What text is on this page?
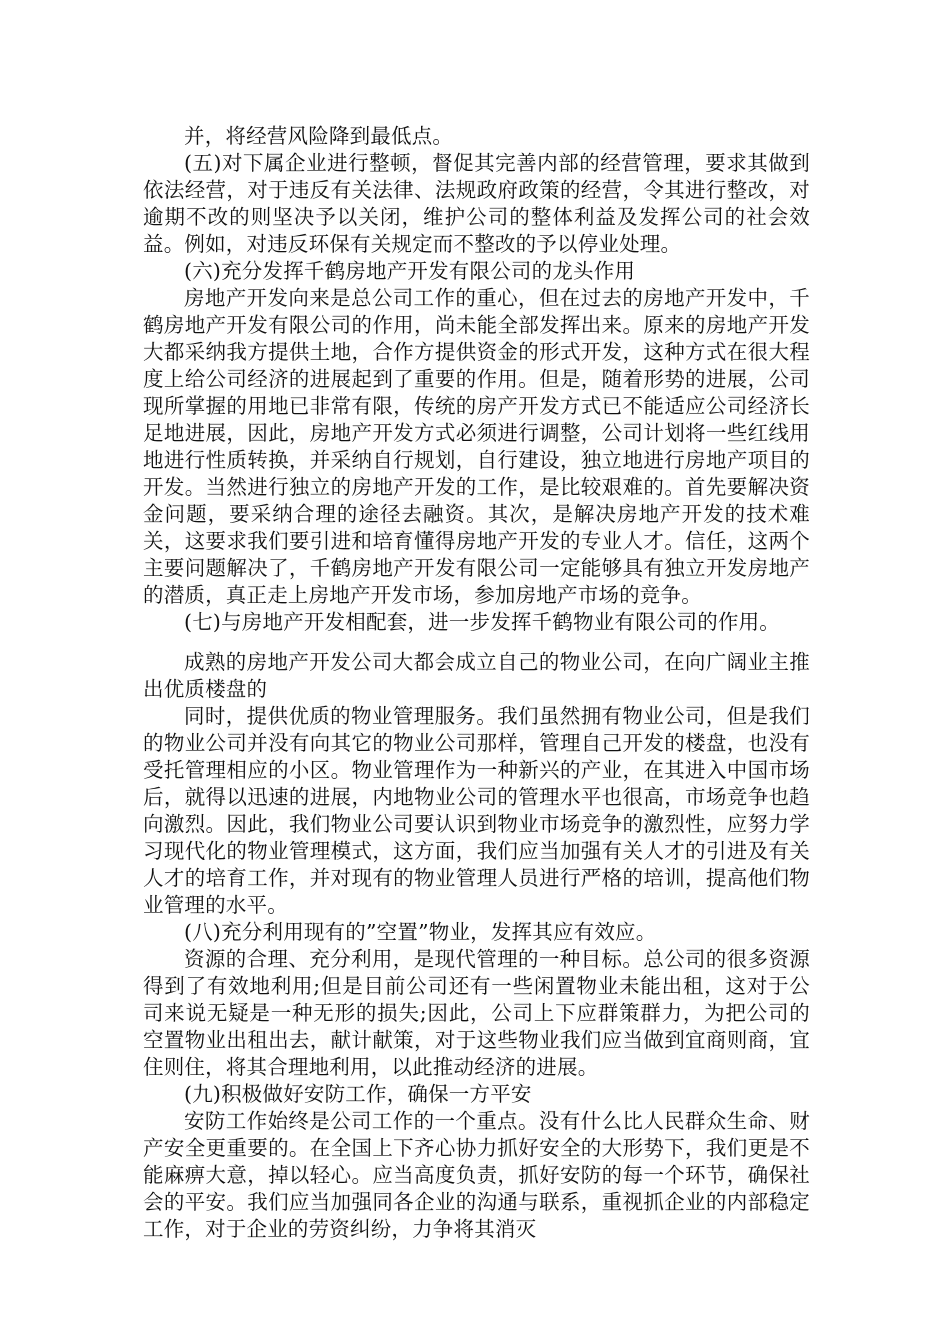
并，将经营风险降到最低点。

(五)对下属企业进行整顿，督促其完善内部的经营管理，要求其做到依法经营，对于违反有关法律、法规政府政策的经营，令其进行整改，对逾期不改的则坚决予以关闭，维护公司的整体利益及发挥公司的社会效益。例如，对违反环保有关规定而不整改的予以停业处理。

(六)充分发挥千鹤房地产开发有限公司的龙头作用

房地产开发向来是总公司工作的重心，但在过去的房地产开发中，千鹤房地产开发有限公司的作用，尚未能全部发挥出来。原来的房地产开发大都采纳我方提供土地，合作方提供资金的形式开发，这种方式在很大程度上给公司经济的进展起到了重要的作用。但是，随着形势的进展，公司现所掌握的用地已非常有限，传统的房产开发方式已不能适应公司经济长足地进展，因此，房地产开发方式必须进行调整，公司计划将一些红线用地进行性质转换，并采纳自行规划，自行建设，独立地进行房地产项目的开发。当然进行独立的房地产开发的工作，是比较艰难的。首先要解决资金问题，要采纳合理的途径去融资。其次，是解决房地产开发的技术难关，这要求我们要引进和培育懂得房地产开发的专业人才。信任，这两个主要问题解决了，千鹤房地产开发有限公司一定能够具有独立开发房地产的潜质，真正走上房地产开发市场，参加房地产市场的竞争。

(七)与房地产开发相配套，进一步发挥千鹤物业有限公司的作用。

成熟的房地产开发公司大都会成立自己的物业公司，在向广阔业主推出优质楼盘的

同时，提供优质的物业管理服务。我们虽然拥有物业公司，但是我们的物业公司并没有向其它的物业公司那样，管理自己开发的楼盘，也没有受托管理相应的小区。物业管理作为一种新兴的产业，在其进入中国市场后，就得以迅速的进展，内地物业公司的管理水平也很高，市场竞争也趋向激烈。因此，我们物业公司要认识到物业市场竞争的激烈性，应努力学习现代化的物业管理模式，这方面，我们应当加强有关人才的引进及有关人才的培育工作，并对现有的物业管理人员进行严格的培训，提高他们物业管理的水平。

(八)充分利用现有的”空置”物业，发挥其应有效应。

资源的合理、充分利用，是现代管理的一种目标。总公司的很多资源得到了有效地利用;但是目前公司还有一些闲置物业未能出租，这对于公司来说无疑是一种无形的损失;因此，公司上下应群策群力，为把公司的空置物业出租出去，献计献策，对于这些物业我们应当做到宜商则商，宜住则住，将其合理地利用，以此推动经济的进展。

(九)积极做好安防工作，确保一方平安

安防工作始终是公司工作的一个重点。没有什么比人民群众生命、财产安全更重要的。在全国上下齐心协力抓好安全的大形势下，我们更是不能麻痹大意，掉以轻心。应当高度负责，抓好安防的每一个环节，确保社会的平安。我们应当加强同各企业的沟通与联系，重视抓企业的内部稳定工作，对于企业的劳资纠纷，力争将其消灭
